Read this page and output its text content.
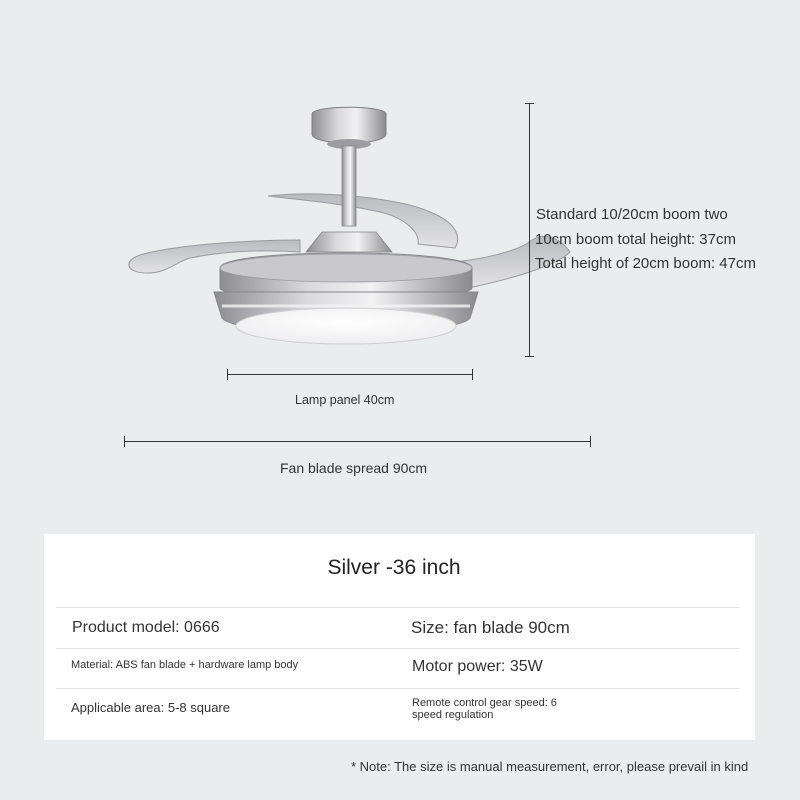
Standard 10/20cm boom two
10cm boom total height: 37cm
Total height of 20cm boom: 47cm
Lamp panel 40cm
Fan blade spread 90cm
Silver -36 inch
Product model: 0666	Size: fan blade 90cm
Material: ABS fan blade + hardware lamp body	Motor power: 35W
Applicable area: 5-8 square	Remote control gear speed: 6
speed regulation
* Note: The size is manual measurement, error, please prevail in kind
